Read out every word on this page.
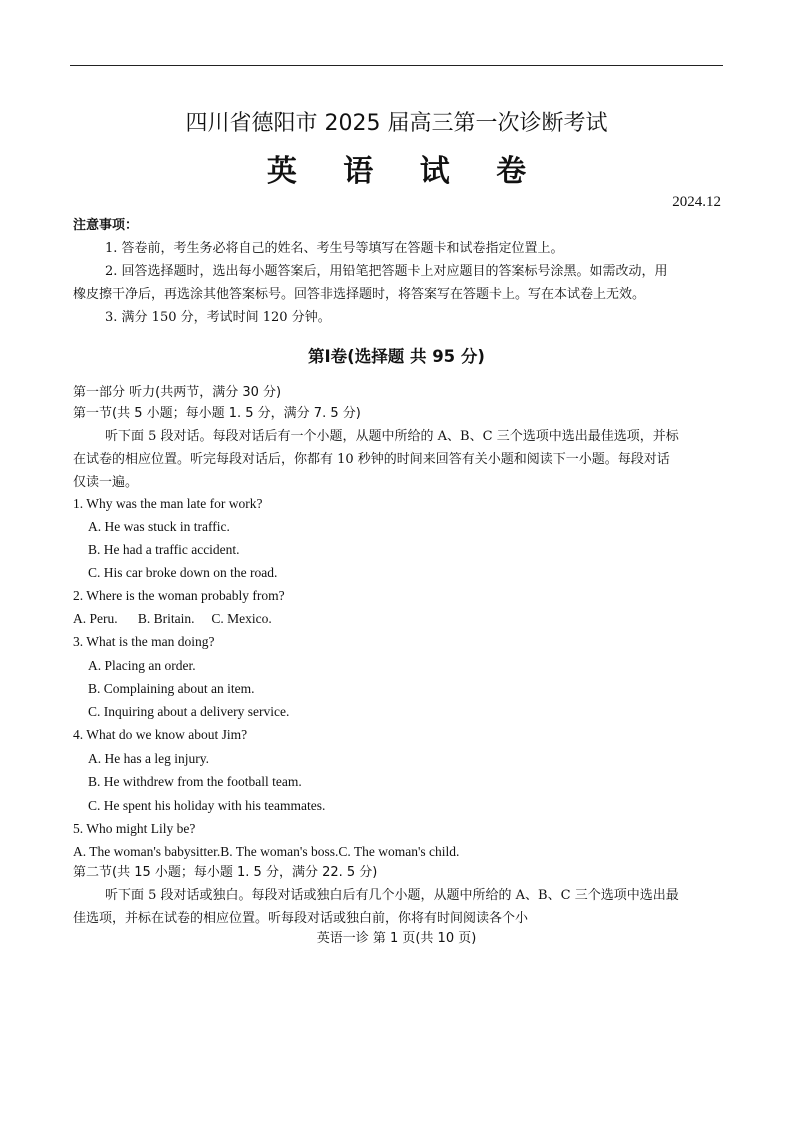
四川省德阳市 2025 届高三第一次诊断考试
英 语 试 卷
2024.12
注意事项：
1. 答卷前，考生务必将自己的姓名、考生号等填写在答题卡和试卷指定位置上。
2. 回答选择题时，选出每小题答案后，用铅笔把答题卡上对应题目的答案标号涂黑。如需改动，用
橡皮擦干净后，再选涂其他答案标号。回答非选择题时，将答案写在答题卡上。写在本试卷上无效。
3. 满分 150 分，考试时间 120 分钟。
第Ⅰ卷(选择题 共 95 分)
第一部分 听力(共两节，满分 30 分)
第一节(共 5 小题；每小题 1. 5 分，满分 7. 5 分)
听下面 5 段对话。每段对话后有一个小题，从题中所给的 A、B、C 三个选项中选出最佳选项，并标
在试卷的相应位置。听完每段对话后，你都有 10 秒钟的时间来回答有关小题和阅读下一小题。每段对话
仅读一遍。
1. Why was the man late for work?
A. He was stuck in traffic.
B. He had a traffic accident.
C. His car broke down on the road.
2. Where is the woman probably from?
A. Peru.      B. Britain.     C. Mexico.
3. What is the man doing?
A. Placing an order.
B. Complaining about an item.
C. Inquiring about a delivery service.
4. What do we know about Jim?
A. He has a leg injury.
B. He withdrew from the football team.
C. He spent his holiday with his teammates.
5. Who might Lily be?
A. The woman's babysitter.B. The woman's boss.C. The woman's child.
第二节(共 15 小题；每小题 1. 5 分，满分 22. 5 分)
听下面 5 段对话或独白。每段对话或独白后有几个小题，从题中所给的 A、B、C 三个选项中选出最
佳选项，并标在试卷的相应位置。听每段对话或独白前，你将有时间阅读各个小
英语一诊 第 1 页(共 10 页)
